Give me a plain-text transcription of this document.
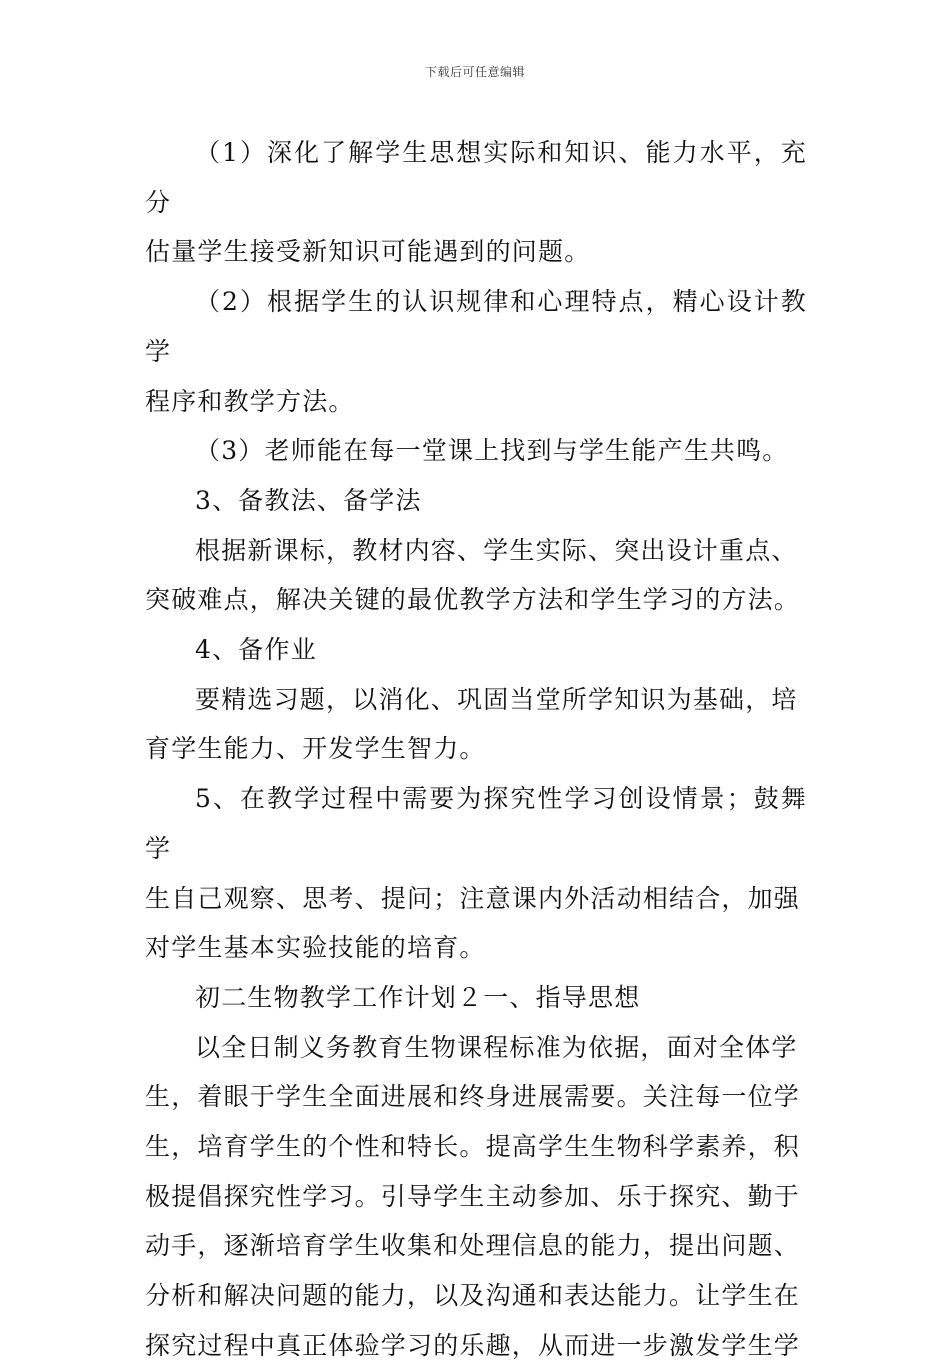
下载后可任意编辑

（1）深化了解学生思想实际和知识、能力水平，充分
估量学生接受新知识可能遇到的问题。

（2）根据学生的认识规律和心理特点，精心设计教学
程序和教学方法。

（3）老师能在每一堂课上找到与学生能产生共鸣。

3、备教法、备学法

根据新课标，教材内容、学生实际、突出设计重点、
突破难点，解决关键的最优教学方法和学生学习的方法。

4、备作业

要精选习题，以消化、巩固当堂所学知识为基础，培
育学生能力、开发学生智力。

5、在教学过程中需要为探究性学习创设情景；鼓舞学
生自己观察、思考、提问；注意课内外活动相结合，加强
对学生基本实验技能的培育。

初二生物教学工作计划２一、指导思想

以全日制义务教育生物课程标准为依据，面对全体学
生，着眼于学生全面进展和终身进展需要。关注每一位学
生，培育学生的个性和特长。提高学生生物科学素养，积
极提倡探究性学习。引导学生主动参加、乐于探究、勤于
动手，逐渐培育学生收集和处理信息的能力，提出问题、
分析和解决问题的能力，以及沟通和表达能力。让学生在
探究过程中真正体验学习的乐趣，从而进一步激发学生学
